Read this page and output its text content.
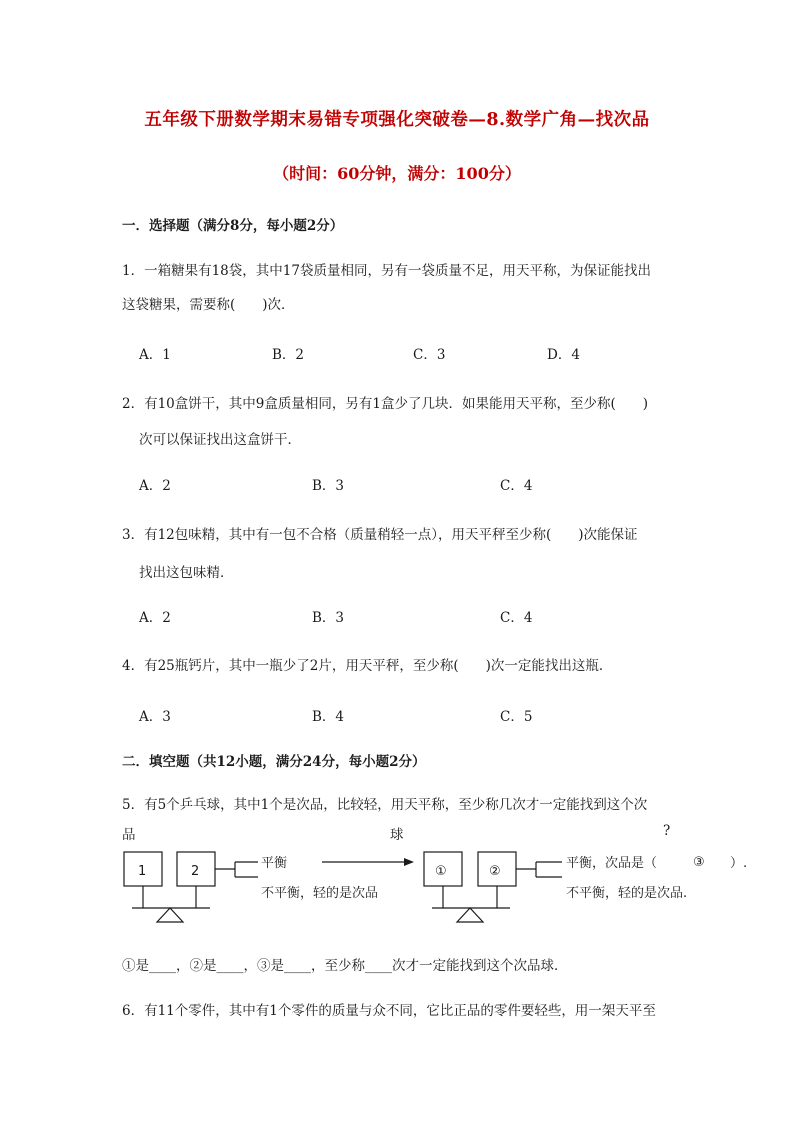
五年级下册数学期末易错专项强化突破卷—8.数学广角—找次品
（时间：60分钟，满分：100分）
一．选择题（满分8分，每小题2分）
1．一箱糖果有18袋，其中17袋质量相同，另有一袋质量不足，用天平称，为保证能找出
这袋糖果，需要称(　　)次．
A．1	B．2	C．3	D．4
2．有10盒饼干，其中9盒质量相同，另有1盒少了几块．如果能用天平称，至少称(　　)
次可以保证找出这盒饼干．
A．2	B．3	C．4
3．有12包味精，其中有一包不合格（质量稍轻一点），用天平秤至少称(　　)次能保证
找出这包味精．
A．2	B．3	C．4
4．有25瓶钙片，其中一瓶少了2片，用天平秤，至少称(　　)次一定能找出这瓶．
A．3	B．4	C．5
二．填空题（共12小题，满分24分，每小题2分）
5．有5个乒乓球，其中1个是次品，比较轻，用天平称，至少称几次才一定能找到这个次
品	球	?
1	2
平衡
不平衡，轻的是次品
①	②
平衡，次品是（	③ ）.
不平衡，轻的是次品.
①是____，②是____，③是____，至少称____次才一定能找到这个次品球．
6．有11个零件，其中有1个零件的质量与众不同，它比正品的零件要轻些，用一架天平至
